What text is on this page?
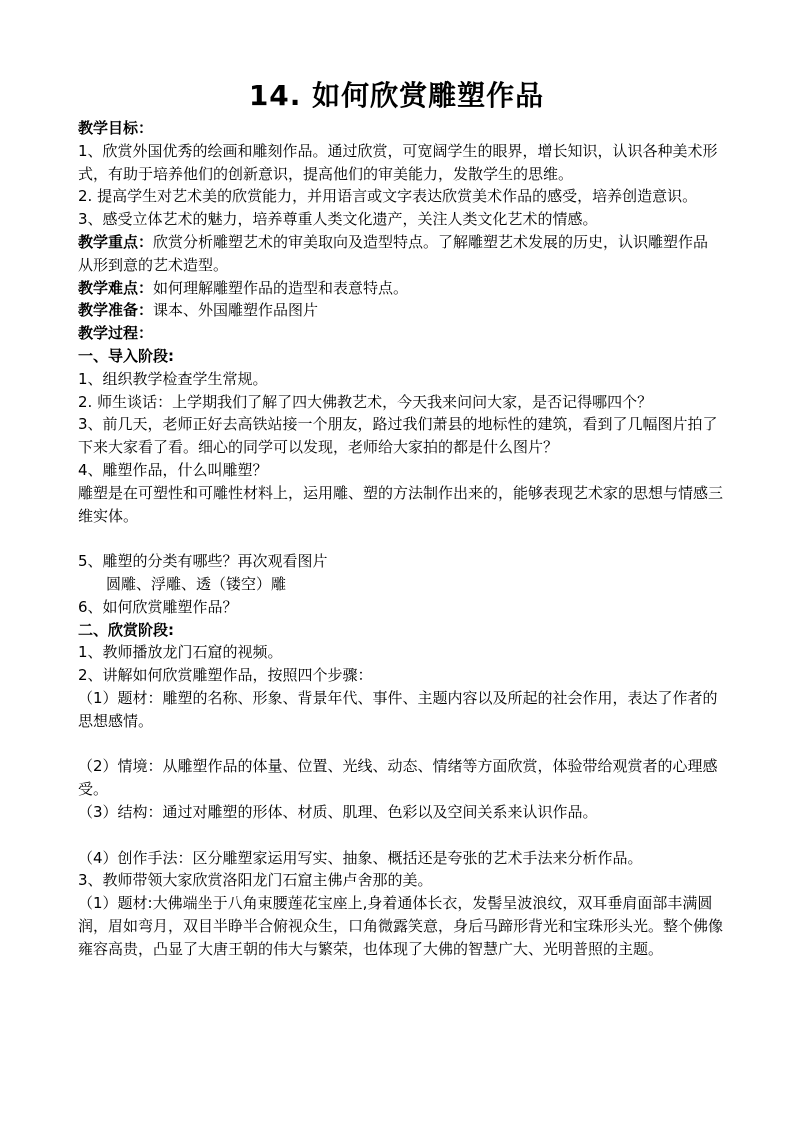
14. 如何欣赏雕塑作品
教学目标：
1、欣赏外国优秀的绘画和雕刻作品。通过欣赏，可宽阔学生的眼界，增长知识，认识各种美术形式，有助于培养他们的创新意识，提高他们的审美能力，发散学生的思维。
2. 提高学生对艺术美的欣赏能力，并用语言或文字表达欣赏美术作品的感受，培养创造意识。
3、感受立体艺术的魅力，培养尊重人类文化遗产，关注人类文化艺术的情感。
教学重点：欣赏分析雕塑艺术的审美取向及造型特点。了解雕塑艺术发展的历史，认识雕塑作品从形到意的艺术造型。
教学难点：如何理解雕塑作品的造型和表意特点。
教学准备：课本、外国雕塑作品图片
教学过程：
一、导入阶段:
1、组织教学检查学生常规。
2. 师生谈话：上学期我们了解了四大佛教艺术，今天我来问问大家，是否记得哪四个？
3、前几天，老师正好去高铁站接一个朋友，路过我们萧县的地标性的建筑，看到了几幅图片拍了下来大家看了看。细心的同学可以发现，老师给大家拍的都是什么图片？
4、雕塑作品，什么叫雕塑？
雕塑是在可塑性和可雕性材料上，运用雕、塑的方法制作出来的，能够表现艺术家的思想与情感三维实体。
5、雕塑的分类有哪些？再次观看图片
圆雕、浮雕、透（镂空）雕
6、如何欣赏雕塑作品？
二、欣赏阶段:
1、教师播放龙门石窟的视频。
2、讲解如何欣赏雕塑作品，按照四个步骤：
（1）题材：雕塑的名称、形象、背景年代、事件、主题内容以及所起的社会作用，表达了作者的思想感情。
（2）情境：从雕塑作品的体量、位置、光线、动态、情绪等方面欣赏，体验带给观赏者的心理感受。
（3）结构：通过对雕塑的形体、材质、肌理、色彩以及空间关系来认识作品。
（4）创作手法：区分雕塑家运用写实、抽象、概括还是夸张的艺术手法来分析作品。
3、教师带领大家欣赏洛阳龙门石窟主佛卢舍那的美。
（1）题材:大佛端坐于八角束腰莲花宝座上,身着通体长衣，发髻呈波浪纹，双耳垂肩面部丰满圆润，眉如弯月，双目半睁半合俯视众生，口角微露笑意，身后马蹄形背光和宝珠形头光。整个佛像雍容高贵，凸显了大唐王朝的伟大与繁荣，也体现了大佛的智慧广大、光明普照的主题。
